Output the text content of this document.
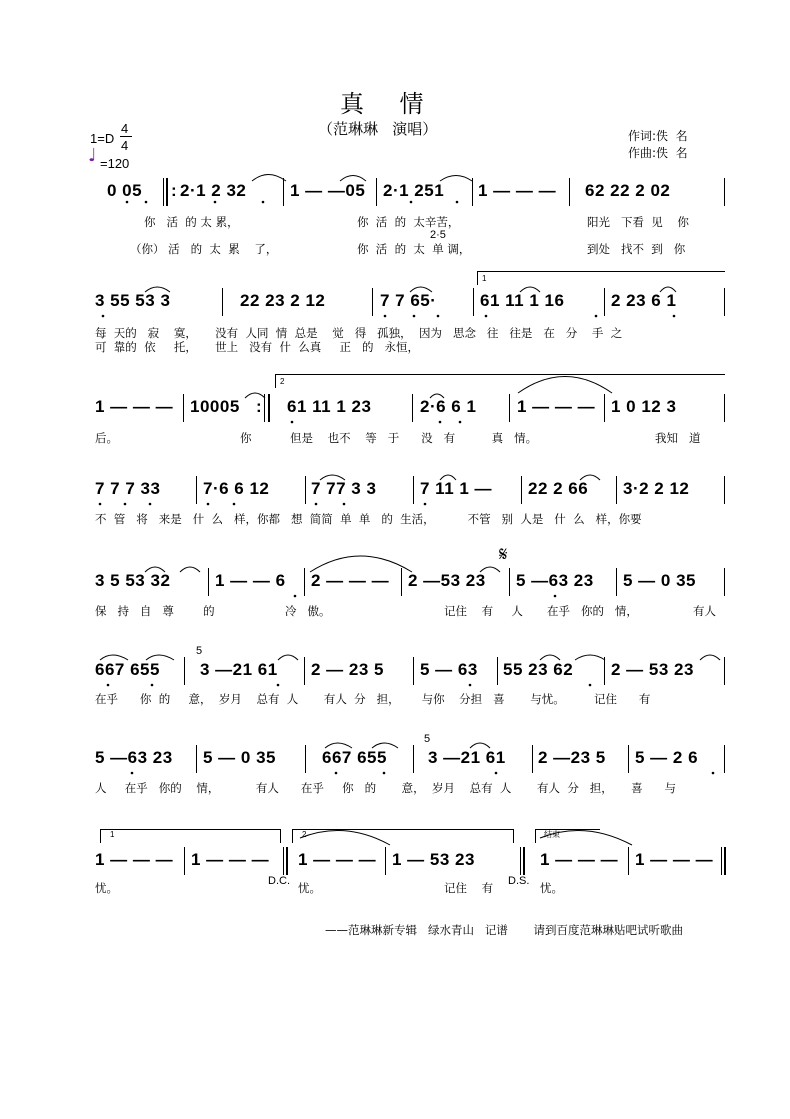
真    情
（范琳琳   演唱）	作词:佚  名
作曲:佚  名
1=D
4
4
♩ =120
0 05 : 2·1 2 32	1 — —05 2·1 251 1 — — — 62 22 2 02
你   活  的 太 累，	你  活  的  太辛苦，	阳光   下看  见    你
（你） 活   的  太  累    了，	你  活  的  太  单 调，	到处   找不  到   你
2·5
1
3 55 53 3	22 23 2 12	7 7 65·	61 11 1 16	2 23 6 1
每  天的   寂    寞，     没有  人同  情  总是    觉   得   孤独，  因为   思念   往   往是   在   分    手  之
可  靠的  依     托，     世上   没有  什  么真     正   的   永恒，
2
1 — — — 10005 : 61 11 1 23	2·6 6 1 1 — — — 1 0 12 3
后。	你	但是    也不    等   于      没   有          真   情。	我知   道
7 7 7 33	7·6 6 12 7 77 3 3	7 11 1 — 22 2 66 3·2 2 12
不  管   将   来是   什  么   样，你都   想  简简  单  单   的  生活，         不管   别  人是   什  么   样，你要
3 5 53 32	1 — — 6 2 — — — 2 —53 23
𝄋
5 —63 23 5 — 0 35
保   持   自   尊        的	冷   傲。	记住    有     人 在乎   你的   情，	有人
667 655
5
3 —21 61 2 — 23 5 5 — 63 55 23 62 2 — 53 23
在乎      你  的     意，  岁月    总有  人       有人  分   担，      与你    分担   喜       与忧。        记住      有
5 —63 23 5 — 0 35	667 655
5
3 —21 61 2 —23 5 5 — 2 6
人     在乎   你的    情，          有人      在乎     你   的       意，  岁月    总有  人       有人  分   担，     喜      与
1	2	结束
1 — — — 1 — — — 1 — — — 1 — 53 23	1 — — — 1 — — —
忧。	D.C. 忧。	记住    有 D.S. 忧。
——范琳琳新专辑   绿水青山   记谱       请到百度范琳琳贴吧试听歌曲
